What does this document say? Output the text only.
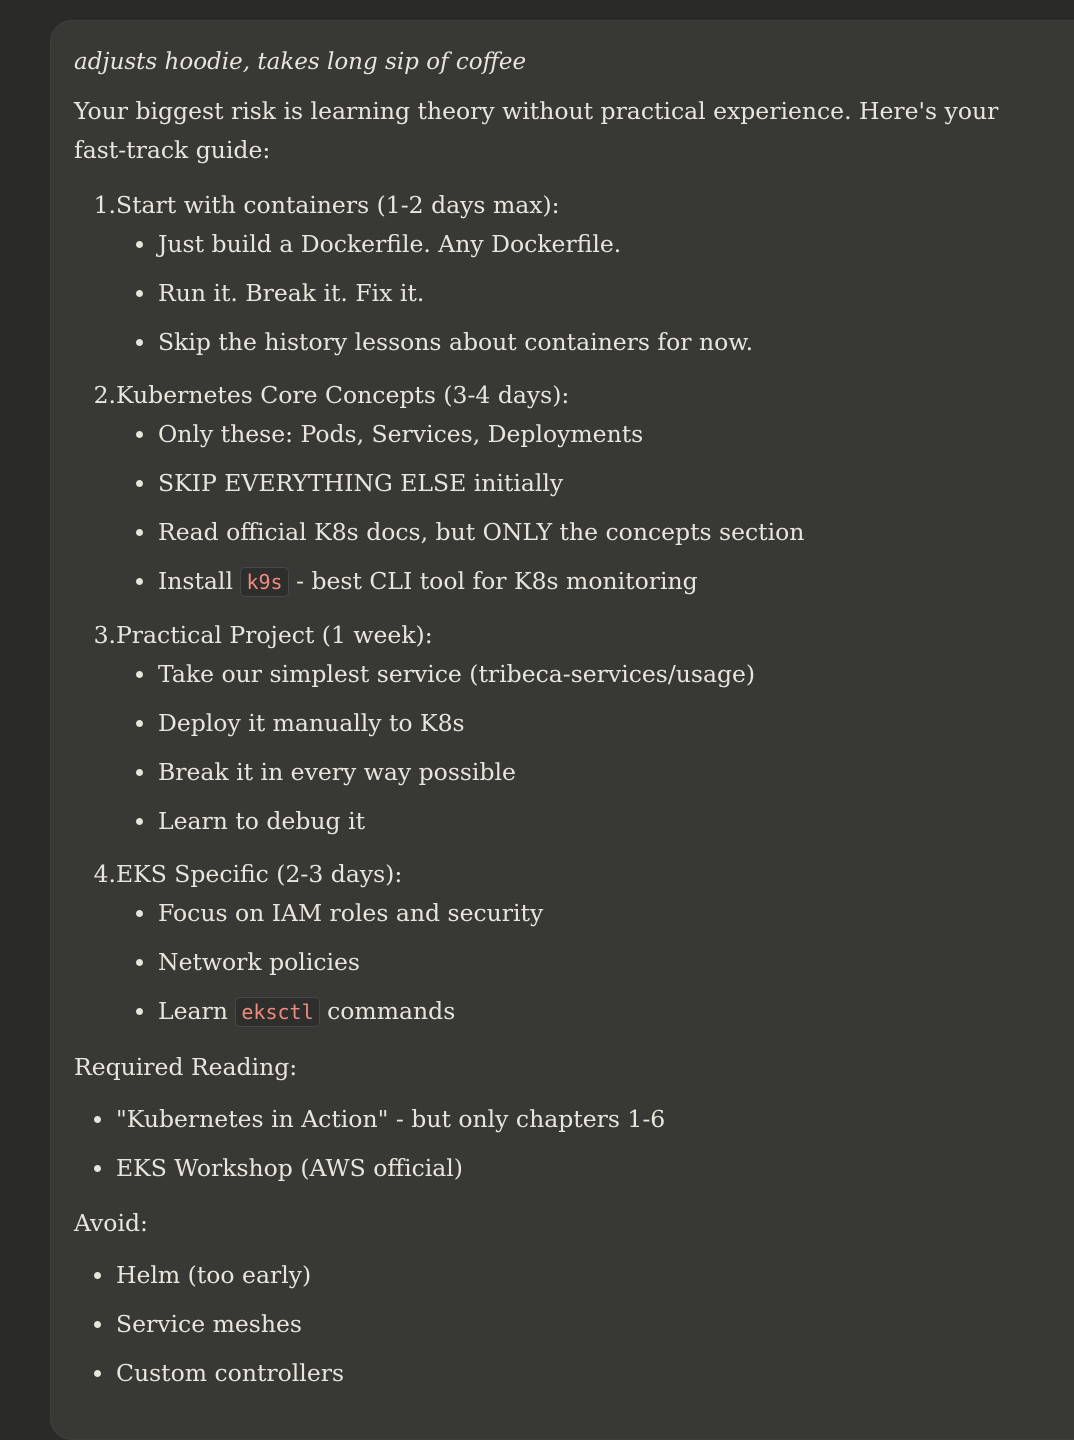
adjusts hoodie, takes long sip of coffee

Your biggest risk is learning theory without practical experience. Here's your fast-track guide:

1. Start with containers (1-2 days max):
Just build a Dockerfile. Any Dockerfile.
Run it. Break it. Fix it.
Skip the history lessons about containers for now.
2. Kubernetes Core Concepts (3-4 days):
Only these: Pods, Services, Deployments
SKIP EVERYTHING ELSE initially
Read official K8s docs, but ONLY the concepts section
Install k9s - best CLI tool for K8s monitoring
3. Practical Project (1 week):
Take our simplest service (tribeca-services/usage)
Deploy it manually to K8s
Break it in every way possible
Learn to debug it
4. EKS Specific (2-3 days):
Focus on IAM roles and security
Network policies
Learn eksctl commands

Required Reading:

"Kubernetes in Action" - but only chapters 1-6
EKS Workshop (AWS official)

Avoid:

Helm (too early)
Service meshes
Custom controllers
